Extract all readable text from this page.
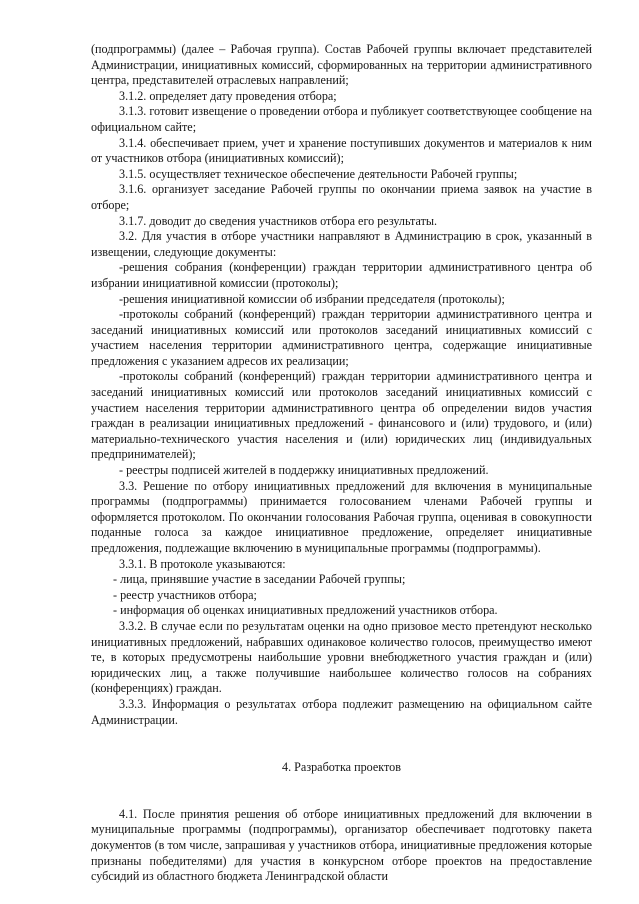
(подпрограммы) (далее – Рабочая группа). Состав Рабочей группы включает представителей Администрации, инициативных комиссий, сформированных на территории административного центра, представителей отраслевых направлений;

3.1.2. определяет дату проведения отбора;

3.1.3. готовит извещение о проведении отбора и публикует соответствующее сообщение на официальном сайте;

3.1.4. обеспечивает прием, учет и хранение поступивших документов и материалов к ним от участников отбора (инициативных комиссий);

3.1.5. осуществляет техническое обеспечение деятельности Рабочей группы;

3.1.6. организует заседание Рабочей группы по окончании приема заявок на участие в отборе;

3.1.7. доводит до сведения участников отбора его результаты.

3.2. Для участия в отборе участники направляют в Администрацию в срок, указанный в извещении, следующие документы:

-решения собрания (конференции) граждан территории административного центра об избрании инициативной комиссии (протоколы);

-решения инициативной комиссии об избрании председателя (протоколы);

-протоколы собраний (конференций) граждан территории административного центра и заседаний инициативных комиссий или протоколов заседаний инициативных комиссий с участием населения территории административного центра, содержащие инициативные предложения с указанием адресов их реализации;

-протоколы собраний (конференций) граждан территории административного центра и заседаний инициативных комиссий или протоколов заседаний инициативных комиссий с участием населения территории административного центра об определении видов участия граждан в реализации инициативных предложений - финансового и (или) трудового, и (или) материально-технического участия населения и (или) юридических лиц (индивидуальных предпринимателей);

- реестры подписей жителей в поддержку инициативных предложений.

3.3. Решение по отбору инициативных предложений для включения в муниципальные программы (подпрограммы) принимается голосованием членами Рабочей группы и оформляется протоколом. По окончании голосования Рабочая группа, оценивая в совокупности поданные голоса за каждое инициативное предложение, определяет инициативные предложения, подлежащие включению в муниципальные программы (подпрограммы).

3.3.1. В протоколе указываются:

- лица, принявшие участие в заседании Рабочей группы;

- реестр участников отбора;

- информация об оценках инициативных предложений участников отбора.

3.3.2. В случае если по результатам оценки на одно призовое место претендуют несколько инициативных предложений, набравших одинаковое количество голосов, преимущество имеют те, в которых предусмотрены наибольшие уровни внебюджетного участия граждан и (или) юридических лиц, а также получившие наибольшее количество голосов на собраниях (конференциях) граждан.

3.3.3. Информация о результатах отбора подлежит размещению на официальном сайте Администрации.

4. Разработка проектов

4.1. После принятия решения об отборе инициативных предложений для включении в муниципальные программы (подпрограммы), организатор обеспечивает подготовку пакета документов (в том числе, запрашивая у участников отбора, инициативные предложения которые признаны победителями) для участия в конкурсном отборе проектов на предоставление субсидий из областного бюджета Ленинградской области
